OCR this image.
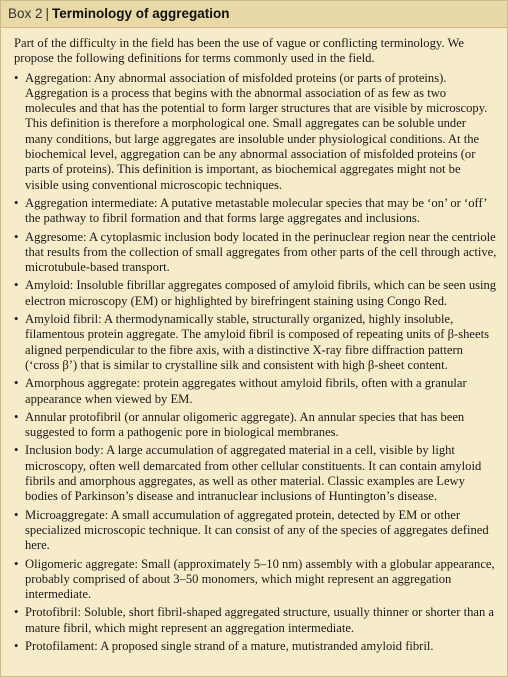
Box 2 | Terminology of aggregation

Part of the difficulty in the field has been the use of vague or conflicting terminology. We propose the following definitions for terms commonly used in the field.

• Aggregation: Any abnormal association of misfolded proteins (or parts of proteins). Aggregation is a process that begins with the abnormal association of as few as two molecules and that has the potential to form larger structures that are visible by microscopy. This definition is therefore a morphological one. Small aggregates can be soluble under many conditions, but large aggregates are insoluble under physiological conditions. At the biochemical level, aggregation can be any abnormal association of misfolded proteins (or parts of proteins). This definition is important, as biochemical aggregates might not be visible using conventional microscopic techniques.
• Aggregation intermediate: A putative metastable molecular species that may be ‘on’ or ‘off’ the pathway to fibril formation and that forms large aggregates and inclusions.
• Aggresome: A cytoplasmic inclusion body located in the perinuclear region near the centriole that results from the collection of small aggregates from other parts of the cell through active, microtubule-based transport.
• Amyloid: Insoluble fibrillar aggregates composed of amyloid fibrils, which can be seen using electron microscopy (EM) or highlighted by birefringent staining using Congo Red.
• Amyloid fibril: A thermodynamically stable, structurally organized, highly insoluble, filamentous protein aggregate. The amyloid fibril is composed of repeating units of β-sheets aligned perpendicular to the fibre axis, with a distinctive X-ray fibre diffraction pattern (‘cross β’) that is similar to crystalline silk and consistent with high β-sheet content.
• Amorphous aggregate: protein aggregates without amyloid fibrils, often with a granular appearance when viewed by EM.
• Annular protofibril (or annular oligomeric aggregate). An annular species that has been suggested to form a pathogenic pore in biological membranes.
• Inclusion body: A large accumulation of aggregated material in a cell, visible by light microscopy, often well demarcated from other cellular constituents. It can contain amyloid fibrils and amorphous aggregates, as well as other material. Classic examples are Lewy bodies of Parkinson’s disease and intranuclear inclusions of Huntington’s disease.
• Microaggregate: A small accumulation of aggregated protein, detected by EM or other specialized microscopic technique. It can consist of any of the species of aggregates defined here.
• Oligomeric aggregate: Small (approximately 5–10 nm) assembly with a globular appearance, probably comprised of about 3–50 monomers, which might represent an aggregation intermediate.
• Protofibril: Soluble, short fibril-shaped aggregated structure, usually thinner or shorter than a mature fibril, which might represent an aggregation intermediate.
• Protofilament: A proposed single strand of a mature, mutistranded amyloid fibril.
